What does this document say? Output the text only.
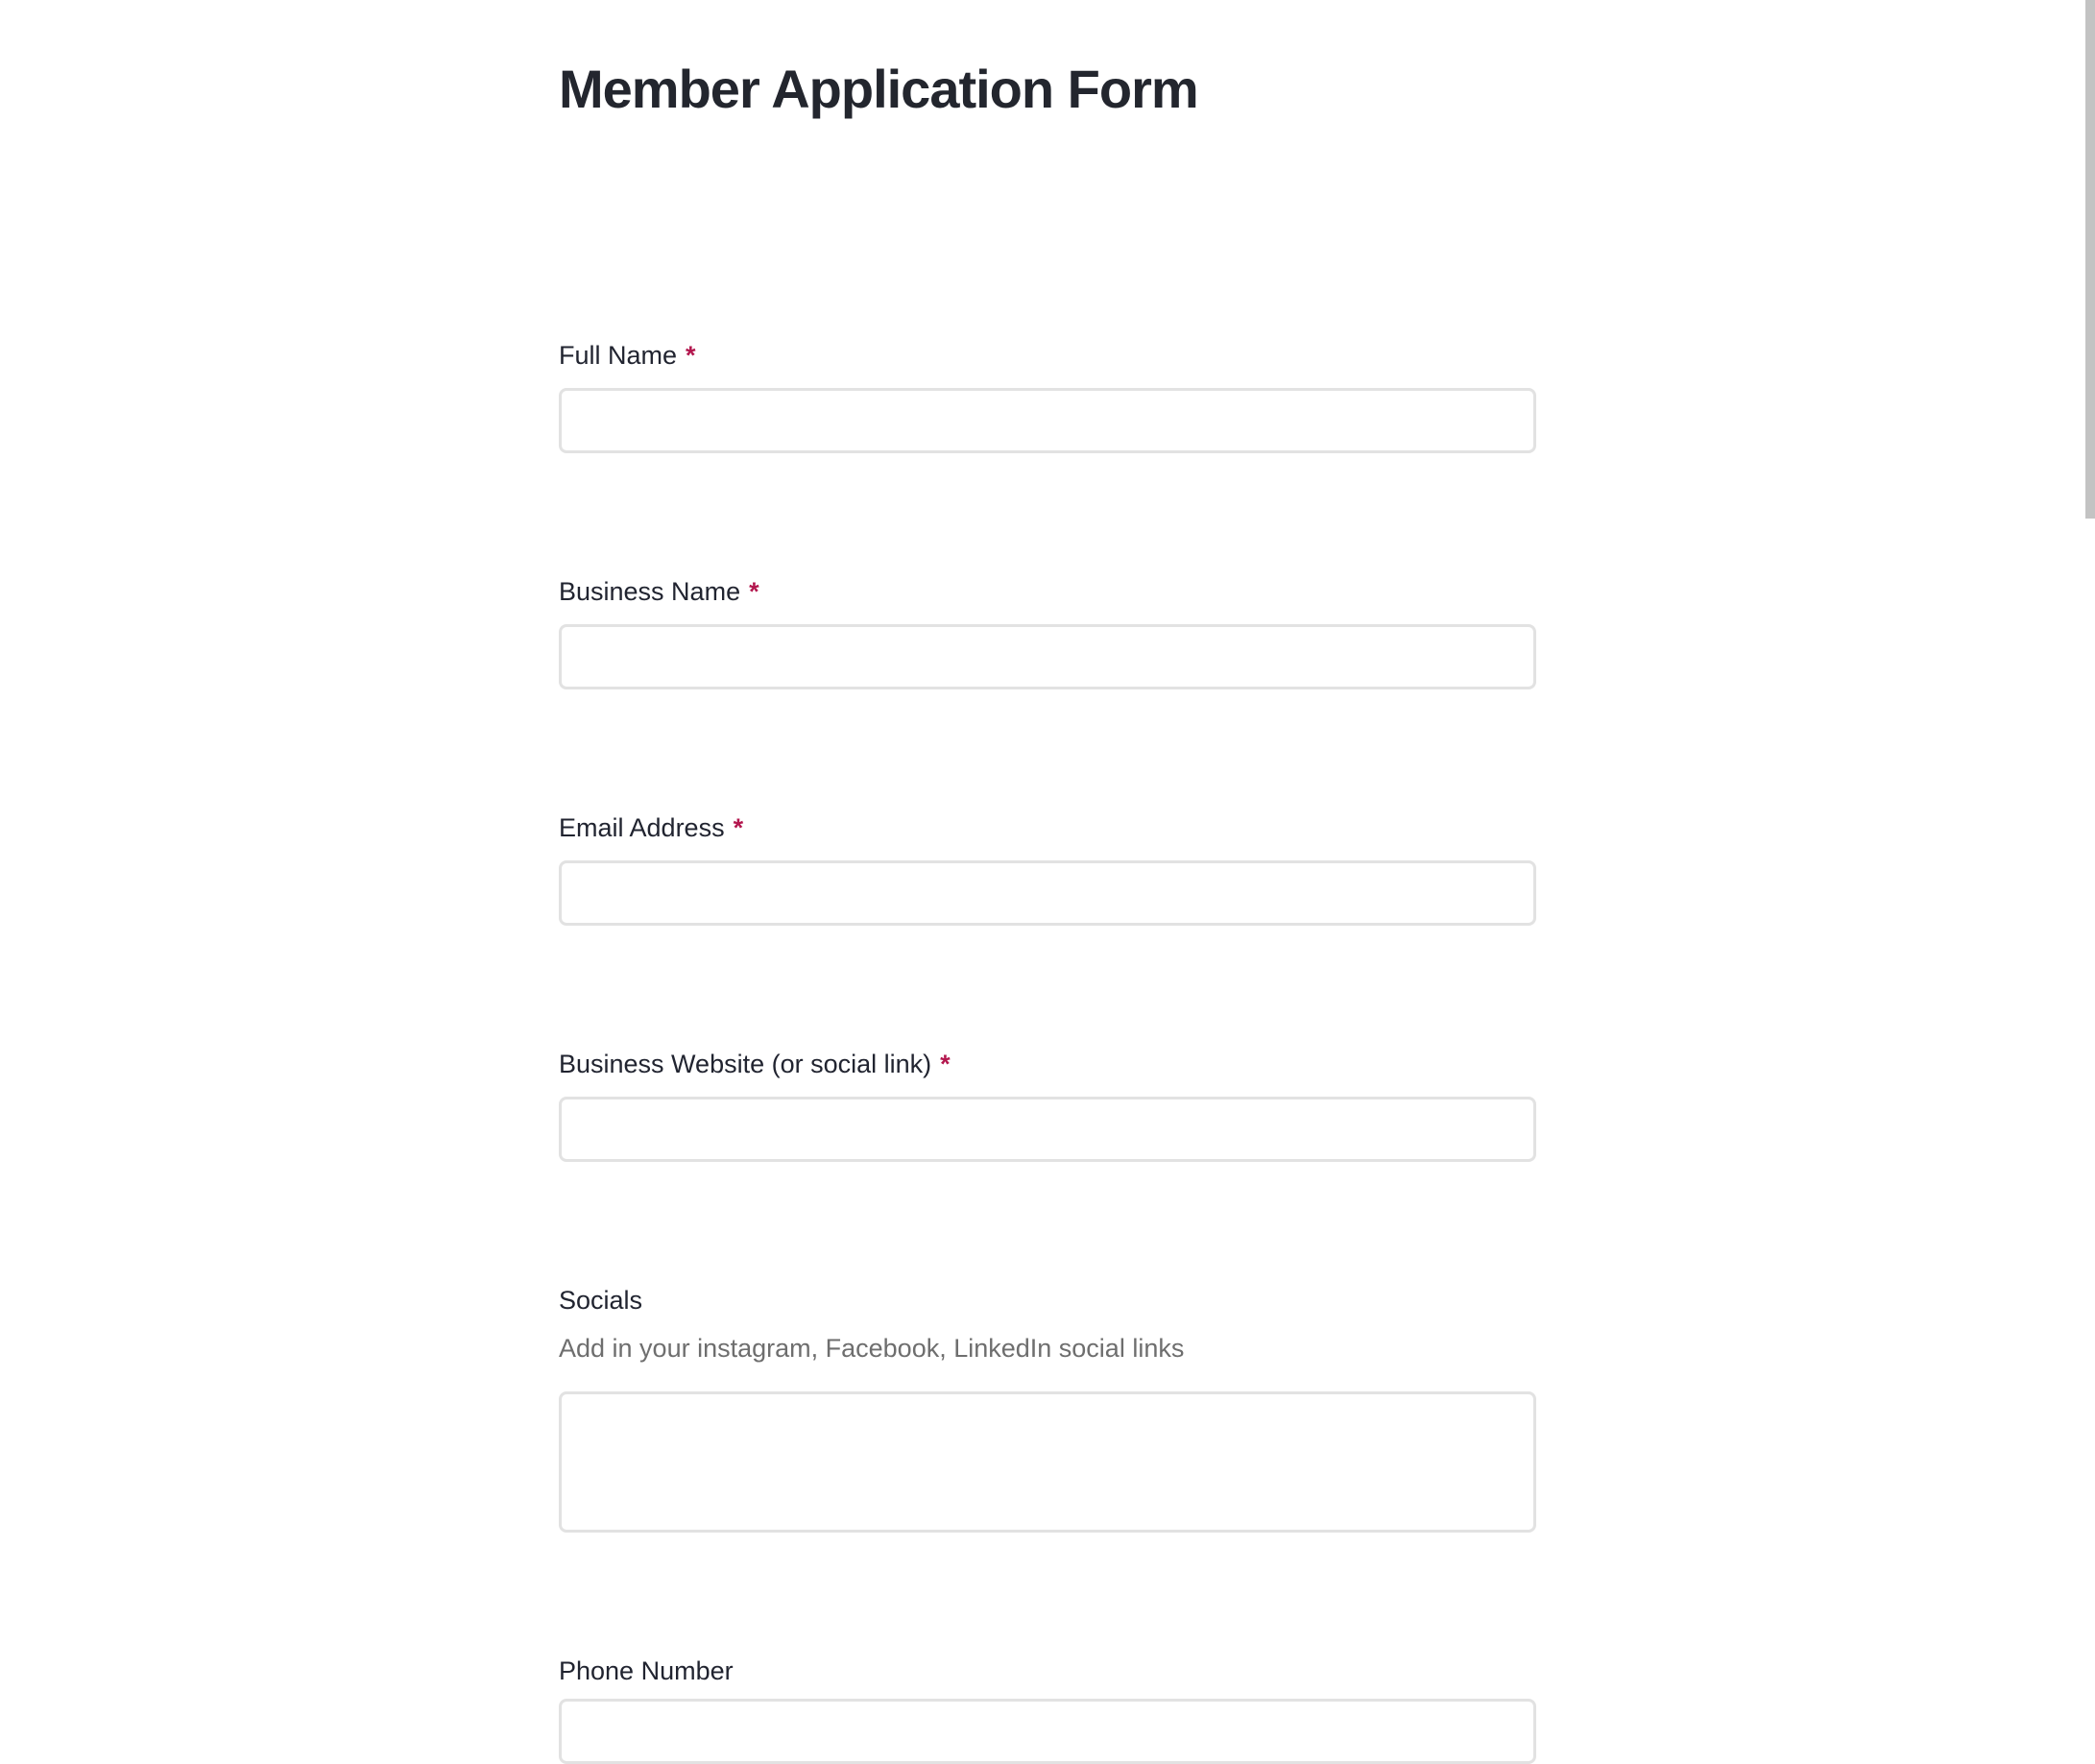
Member Application Form
Full Name *
Business Name *
Email Address *
Business Website (or social link) *
Socials
Add in your instagram, Facebook, LinkedIn social links
Phone Number
